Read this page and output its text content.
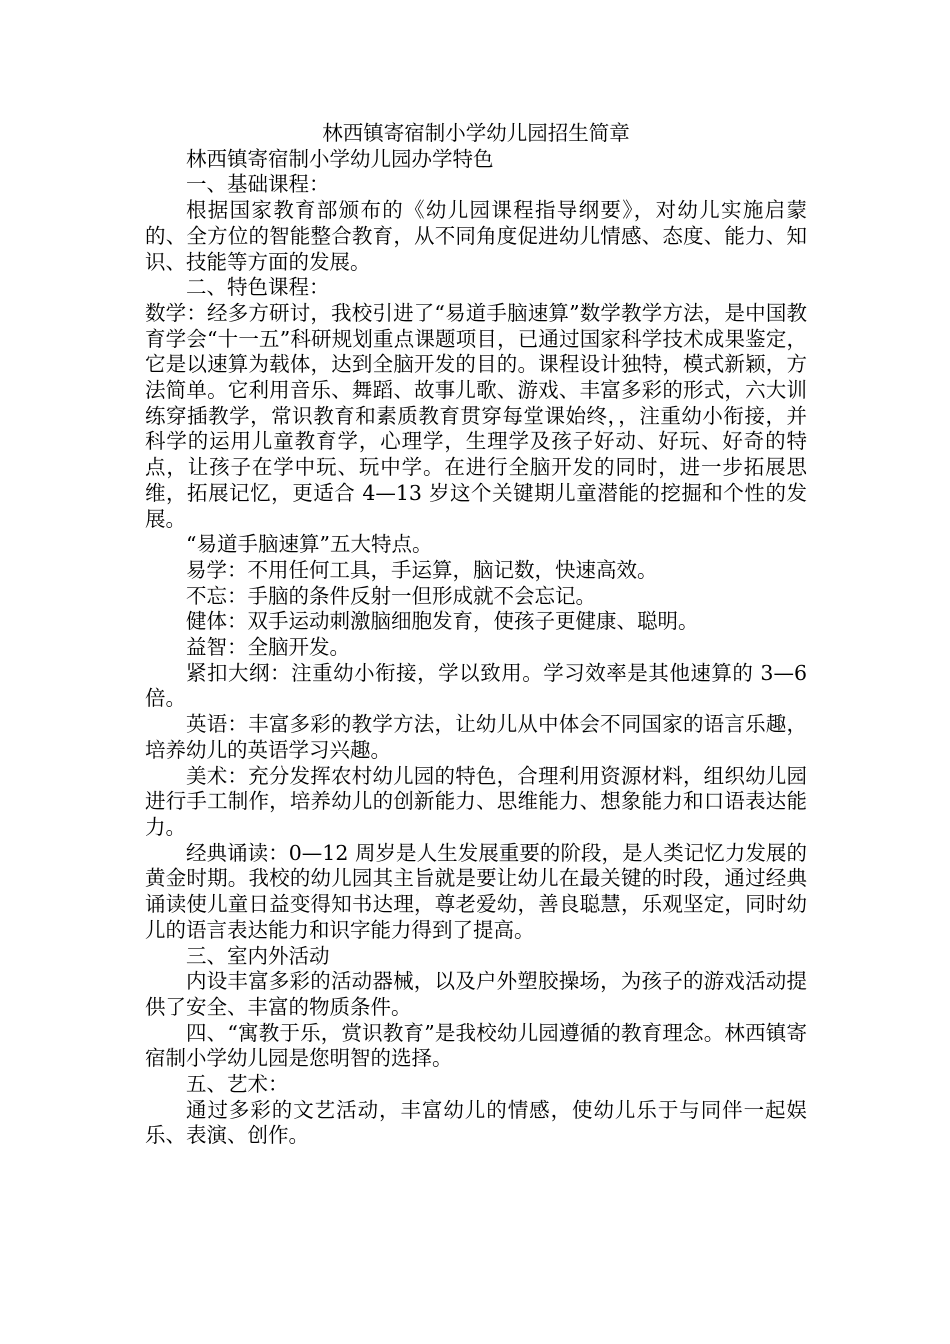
林西镇寄宿制小学幼儿园招生简章

林西镇寄宿制小学幼儿园办学特色

一、基础课程：

根据国家教育部颁布的《幼儿园课程指导纲要》，对幼儿实施启蒙的、全方位的智能整合教育，从不同角度促进幼儿情感、态度、能力、知识、技能等方面的发展。

二、特色课程：

数学：经多方研讨，我校引进了“易道手脑速算”数学教学方法，是中国教育学会“十一五”科研规划重点课题项目，已通过国家科学技术成果鉴定，它是以速算为载体，达到全脑开发的目的。课程设计独特，模式新颖，方法简单。它利用音乐、舞蹈、故事儿歌、游戏、丰富多彩的形式，六大训练穿插教学，常识教育和素质教育贯穿每堂课始终，，注重幼小衔接，并科学的运用儿童教育学，心理学，生理学及孩子好动、好玩、好奇的特点，让孩子在学中玩、玩中学。在进行全脑开发的同时，进一步拓展思维，拓展记忆，更适合 4—13 岁这个关键期儿童潜能的挖掘和个性的发展。

“易道手脑速算”五大特点。

易学：不用任何工具，手运算，脑记数，快速高效。

不忘：手脑的条件反射一但形成就不会忘记。

健体：双手运动刺激脑细胞发育，使孩子更健康、聪明。

益智：全脑开发。

紧扣大纲：注重幼小衔接，学以致用。学习效率是其他速算的 3—6 倍。

英语：丰富多彩的教学方法，让幼儿从中体会不同国家的语言乐趣，培养幼儿的英语学习兴趣。

美术：充分发挥农村幼儿园的特色，合理利用资源材料，组织幼儿园进行手工制作，培养幼儿的创新能力、思维能力、想象能力和口语表达能力。

经典诵读：0—12 周岁是人生发展重要的阶段，是人类记忆力发展的黄金时期。我校的幼儿园其主旨就是要让幼儿在最关键的时段，通过经典诵读使儿童日益变得知书达理，尊老爱幼，善良聪慧，乐观坚定，同时幼儿的语言表达能力和识字能力得到了提高。

三、室内外活动

内设丰富多彩的活动器械，以及户外塑胶操场，为孩子的游戏活动提供了安全、丰富的物质条件。

四、“寓教于乐，赏识教育”是我校幼儿园遵循的教育理念。林西镇寄宿制小学幼儿园是您明智的选择。

五、艺术：

通过多彩的文艺活动，丰富幼儿的情感，使幼儿乐于与同伴一起娱乐、表演、创作。
